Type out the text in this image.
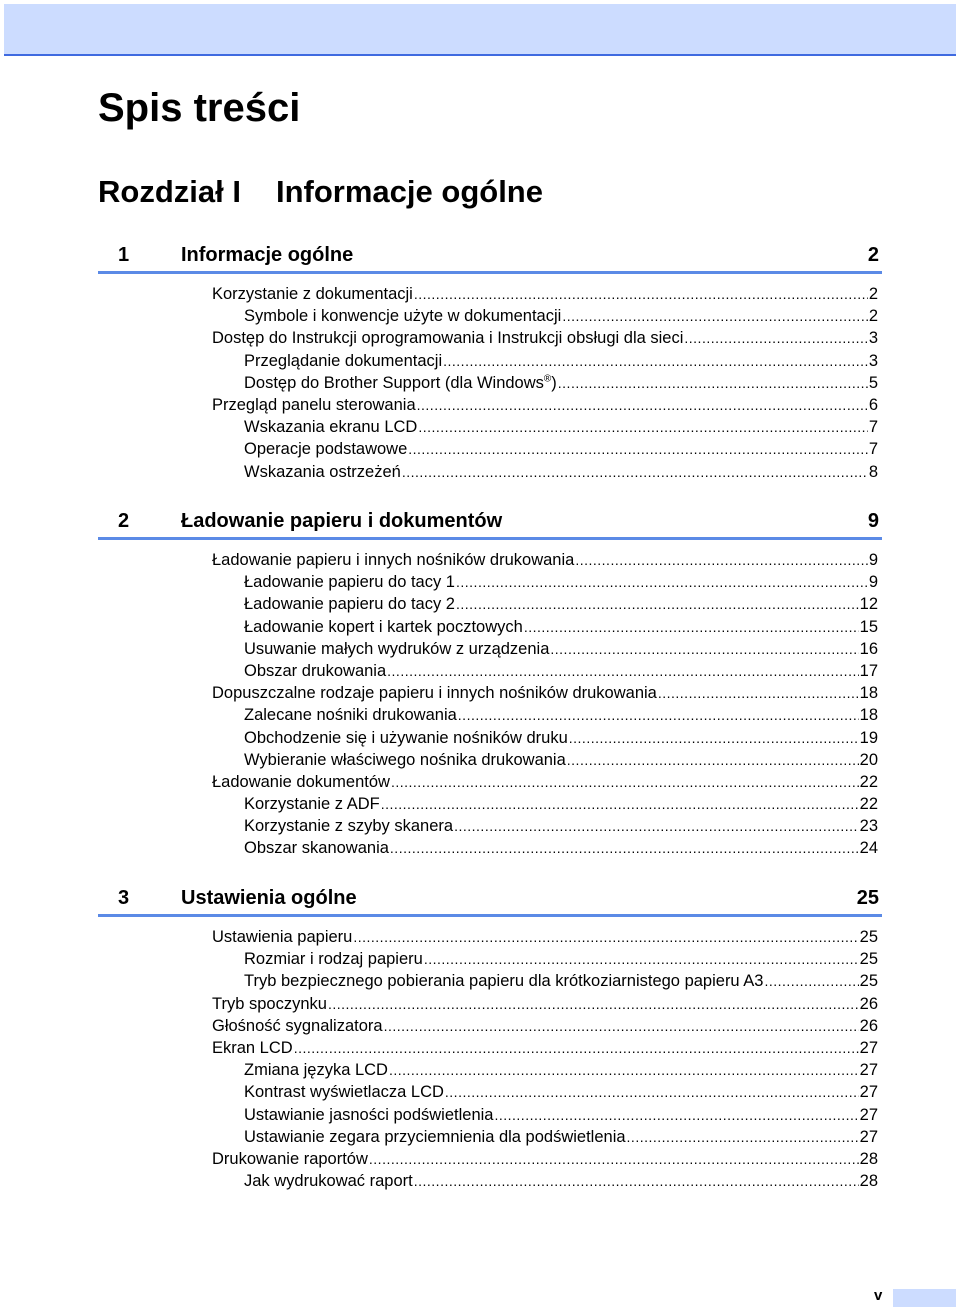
Spis treści
Rozdział I Informacje ogólne
1	Informacje ogólne	2
Korzystanie z dokumentacji .....	2
Symbole i konwencje użyte w dokumentacji .....	2
Dostęp do Instrukcji oprogramowania i Instrukcji obsługi dla sieci .....	3
Przeglądanie dokumentacji .....	3
Dostęp do Brother Support (dla Windows®) .....	5
Przegląd panelu sterowania .....	6
Wskazania ekranu LCD .....	7
Operacje podstawowe .....	7
Wskazania ostrzeżeń .....	8
2	Ładowanie papieru i dokumentów	9
Ładowanie papieru i innych nośników drukowania .....	9
Ładowanie papieru do tacy 1 .....	9
Ładowanie papieru do tacy 2 .....	12
Ładowanie kopert i kartek pocztowych .....	15
Usuwanie małych wydruków z urządzenia .....	16
Obszar drukowania .....	17
Dopuszczalne rodzaje papieru i innych nośników drukowania .....	18
Zalecane nośniki drukowania .....	18
Obchodzenie się i używanie nośników druku .....	19
Wybieranie właściwego nośnika drukowania .....	20
Ładowanie dokumentów .....	22
Korzystanie z ADF .....	22
Korzystanie z szyby skanera .....	23
Obszar skanowania .....	24
3	Ustawienia ogólne	25
Ustawienia papieru .....	25
Rozmiar i rodzaj papieru .....	25
Tryb bezpiecznego pobierania papieru dla krótkoziarnistego papieru A3 .....	25
Tryb spoczynku .....	26
Głośność sygnalizatora .....	26
Ekran LCD .....	27
Zmiana języka LCD .....	27
Kontrast wyświetlacza LCD .....	27
Ustawianie jasności podświetlenia .....	27
Ustawianie zegara przyciemnienia dla podświetlenia .....	27
Drukowanie raportów .....	28
Jak wydrukować raport .....	28
v
